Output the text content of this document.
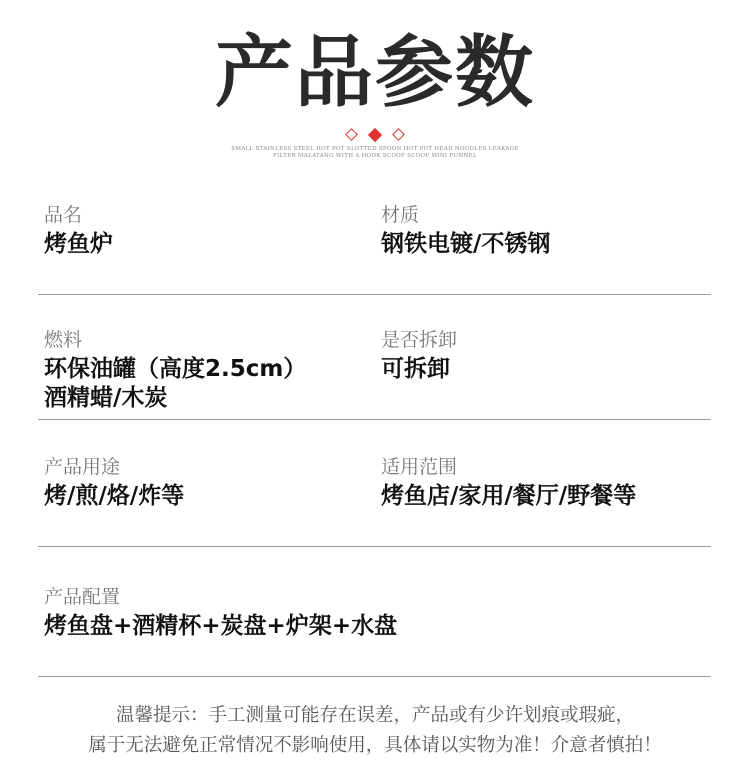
产品参数
SMALL STAINLESS STEEL HOT POT SLOTTED SPOON HOT POT HEAD NOODLES LEAKAGE
FILTER MALATANG WITH A HOOK SCOOP SCOOP MINI FUNNEL
品名
烤鱼炉
材质
钢铁电镀/不锈钢
燃料
环保油罐（高度2.5cm）
酒精蜡/木炭
是否拆卸
可拆卸
产品用途
烤/煎/烙/炸等
适用范围
烤鱼店/家用/餐厅/野餐等
产品配置
烤鱼盘+酒精杯+炭盘+炉架+水盘
温馨提示：手工测量可能存在误差，产品或有少许划痕或瑕疵，
属于无法避免正常情况不影响使用，具体请以实物为准！介意者慎拍！
